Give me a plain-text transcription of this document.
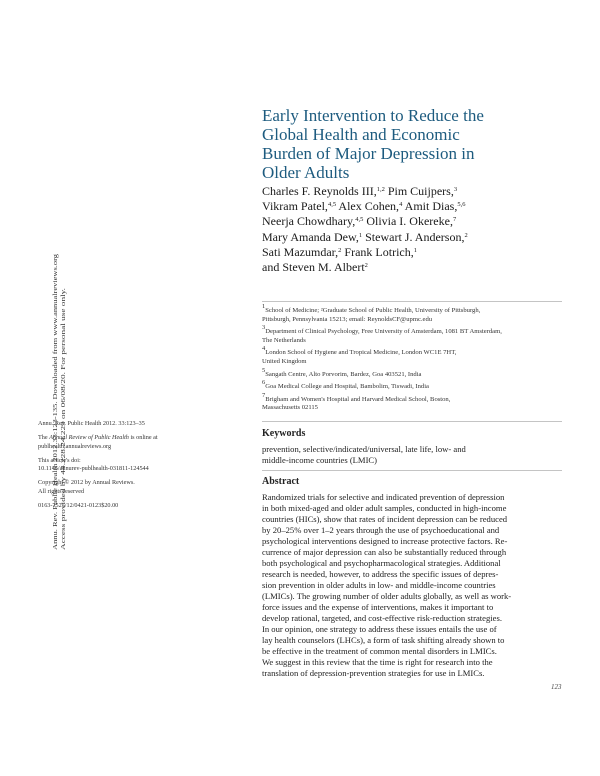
Annu. Rev. Public Health 2012.33:123-135. Downloaded from www.annualreviews.org Access provided by 44.228.24.229 on 06/08/20. For personal use only.
Early Intervention to Reduce the
Global Health and Economic
Burden of Major Depression in
Older Adults
Charles F. Reynolds III,$^{1,2}$ Pim Cuijpers,$^3$
Vikram Patel,$^{4,5}$ Alex Cohen,$^4$ Amit Dias,$^{5,6}$
Neerja Chowdhary,$^{4,5}$ Olivia I. Okereke,$^7$
Mary Amanda Dew,$^1$ Stewart J. Anderson,$^2$
Sati Mazumdar,$^2$ Frank Lotrich,$^1$
and Steven M. Albert$^2$
$^1$School of Medicine; ²Graduate School of Public Health, University of Pittsburgh,
Pittsburgh, Pennsylvania 15213; email: ReynoldsCF@upmc.edu
$^3$Department of Clinical Psychology, Free University of Amsterdam, 1081 BT Amsterdam,
The Netherlands
$^4$London School of Hygiene and Tropical Medicine, London WC1E 7HT,
United Kingdom
$^5$Sangath Centre, Alto Porvorim, Bardez, Goa 403521, India
$^6$Goa Medical College and Hospital, Bambolim, Tiswadi, India
$^7$Brigham and Women's Hospital and Harvard Medical School, Boston,
Massachusetts 02115
Annu. Rev. Public Health 2012. 33:123–35
The Annual Review of Public Health is online at
publhealth.annualreviews.org
This article's doi:
10.1146/annurev-publhealth-031811-124544
Copyright © 2012 by Annual Reviews.
All rights reserved
0163-7525/12/0421-0123$20.00
Keywords
prevention, selective/indicated/universal, late life, low- and
middle-income countries (LMIC)
Abstract
Randomized trials for selective and indicated prevention of depression
in both mixed-aged and older adult samples, conducted in high-income
countries (HICs), show that rates of incident depression can be reduced
by 20–25% over 1–2 years through the use of psychoeducational and
psychological interventions designed to increase protective factors. Re-
currence of major depression can also be substantially reduced through
both psychological and psychopharmacological strategies. Additional
research is needed, however, to address the specific issues of depres-
sion prevention in older adults in low- and middle-income countries
(LMICs). The growing number of older adults globally, as well as work-
force issues and the expense of interventions, makes it important to
develop rational, targeted, and cost-effective risk-reduction strategies.
In our opinion, one strategy to address these issues entails the use of
lay health counselors (LHCs), a form of task shifting already shown to
be effective in the treatment of common mental disorders in LMICs.
We suggest in this review that the time is right for research into the
translation of depression-prevention strategies for use in LMICs.
123
